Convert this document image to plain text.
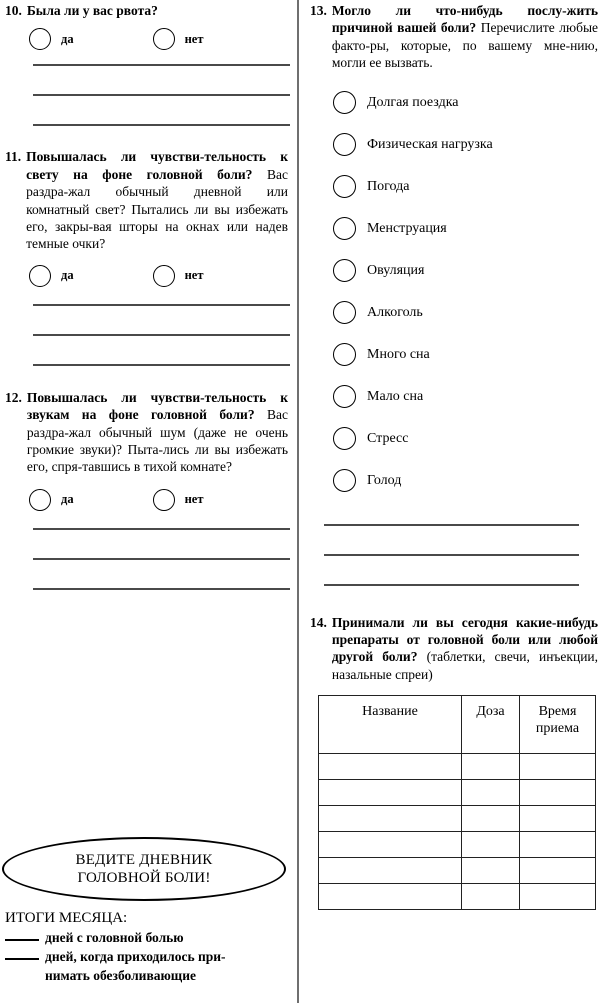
10. Была ли у вас рвота?
да	нет
11. Повышалась ли чувстви‑тельность к свету на фоне головной боли? Вас раздра‑жал обычный дневной или комнатный свет? Пытались ли вы избежать его, закры‑вая шторы на окнах или надев темные очки?
да	нет
12. Повышалась ли чувстви‑тельность к звукам на фоне головной боли? Вас раздра‑жал обычный шум (даже не очень громкие звуки)? Пыта‑лись ли вы избежать его, спря‑тавшись в тихой комнате?
да	нет
ВЕДИТЕ ДНЕВНИК
ГОЛОВНОЙ БОЛИ!
ИТОГИ МЕСЯЦА:
дней с головной болью
дней, когда приходилось при-
нимать обезболивающие
13. Могло ли что-нибудь послу‑жить причиной вашей боли? Перечислите любые факто‑ры, которые, по вашему мне‑нию, могли ее вызвать.
Долгая поездка
Физическая нагрузка
Погода
Менструация
Овуляция
Алкоголь
Много сна
Мало сна
Стресс
Голод
14. Принимали ли вы сегодня какие-нибудь препараты от головной боли или любой другой боли? (таблетки, свечи, инъекции, назальные спреи)
Название	Доза	Время приема
